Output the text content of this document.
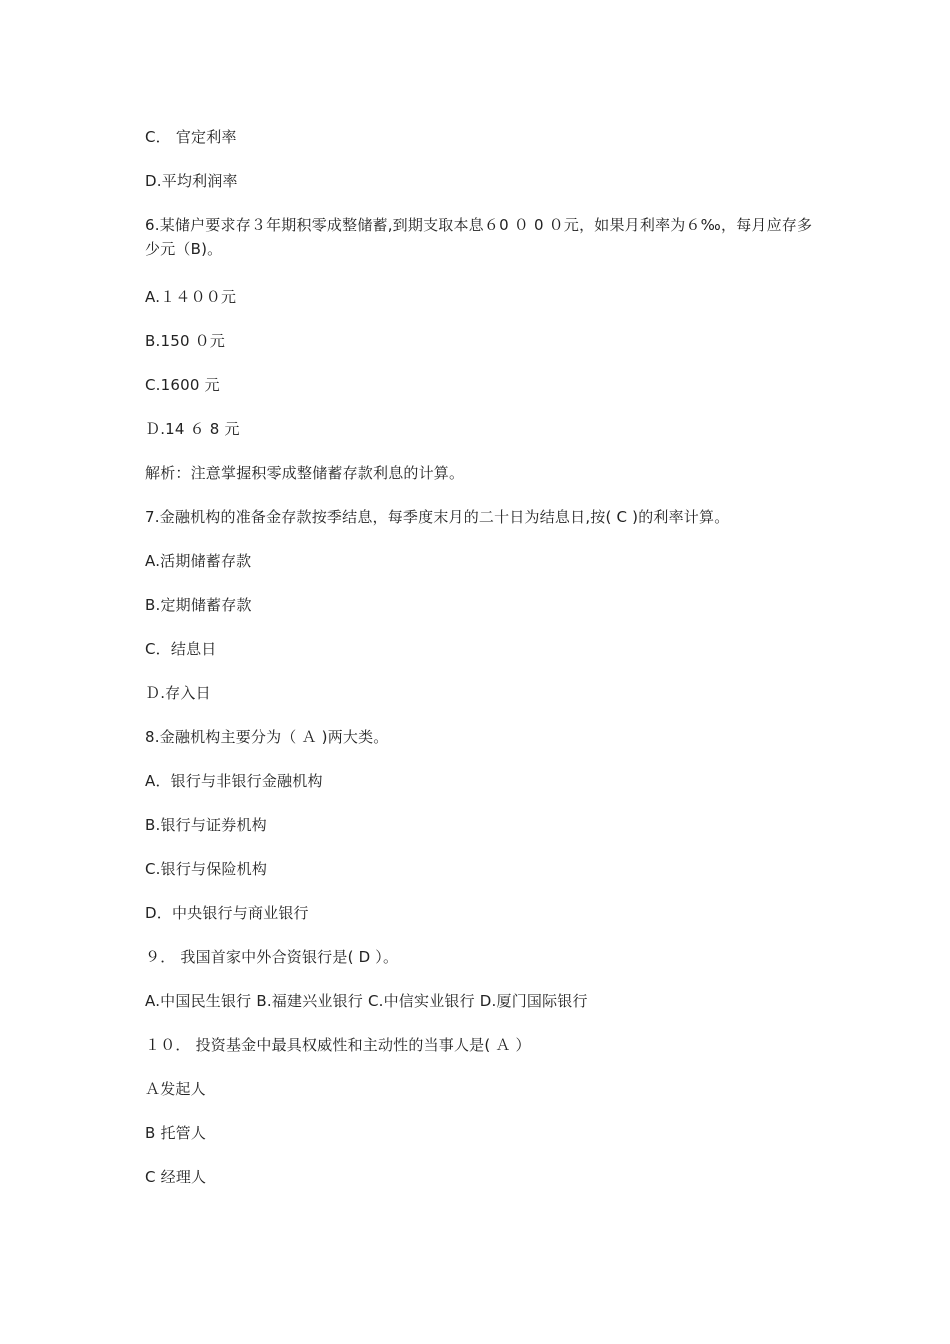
C． 官定利率
D.平均利润率
6.某储户要求存３年期积零成整储蓄,到期支取本息６0 ０ 0 ０元，如果月利率为６‰，每月应存多少元（B)。
A.１４００元
B.150 ０元
C.1600 元
Ｄ.14 ６ 8 元
解析：注意掌握积零成整储蓄存款利息的计算。
7.金融机构的准备金存款按季结息，每季度末月的二十日为结息日,按( C )的利率计算。
A.活期储蓄存款
B.定期储蓄存款
C．结息日
Ｄ.存入日
8.金融机构主要分为（ Ａ )两大类。
A．银行与非银行金融机构
B.银行与证券机构
C.银行与保险机构
D．中央银行与商业银行
９． 我国首家中外合资银行是( D ）。
A.中国民生银行 B.福建兴业银行 C.中信实业银行 D.厦门国际银行
１０． 投资基金中最具权威性和主动性的当事人是( Ａ ）
Ａ发起人
B 托管人
C 经理人
